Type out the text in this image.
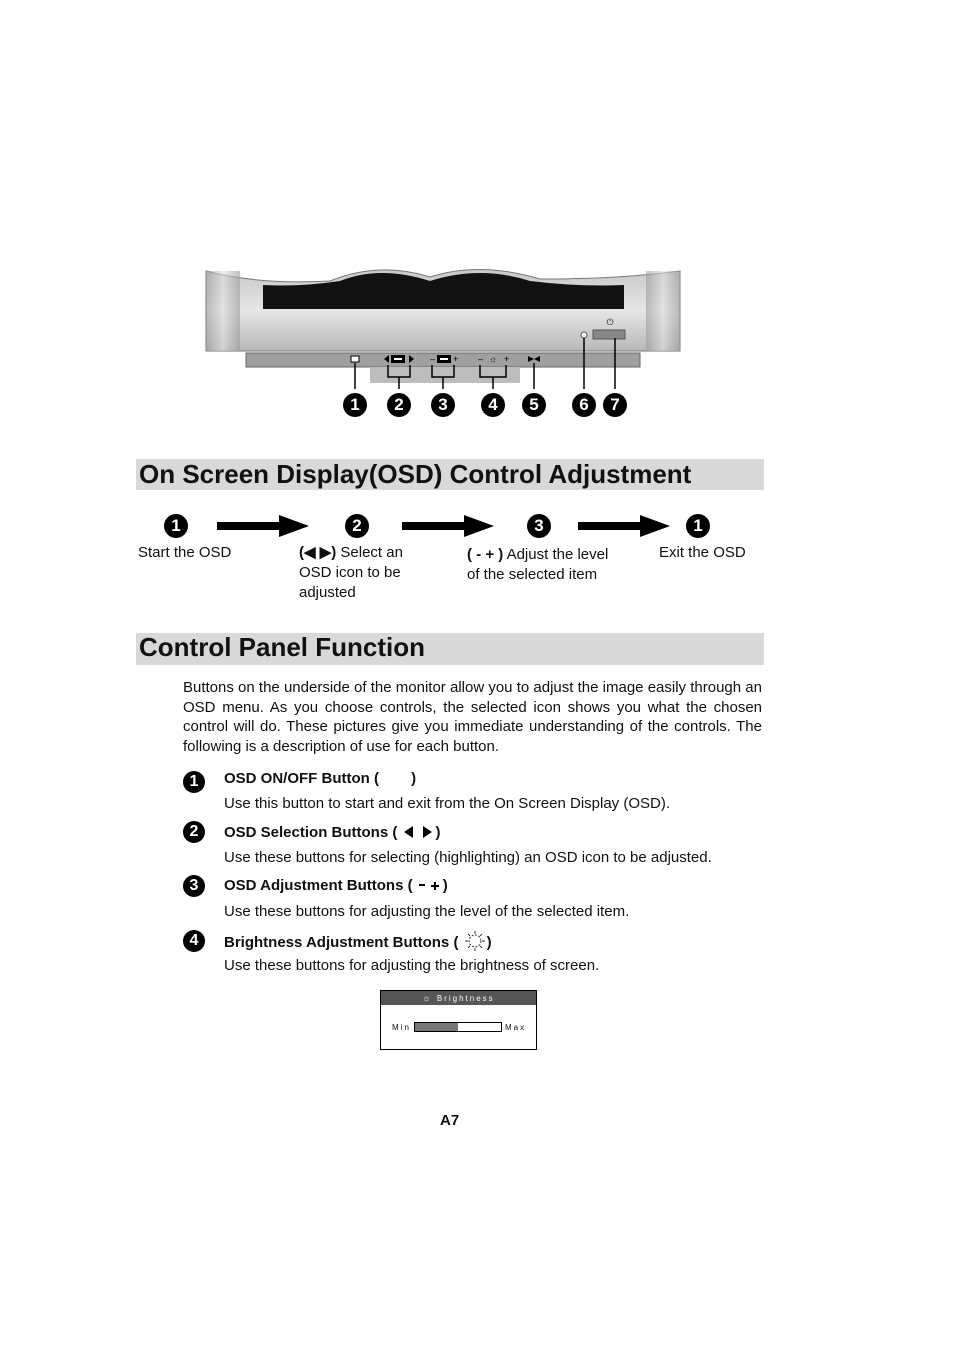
⏻
– + – ☼ +
1	2	3	4	5	6	7
On Screen Display(OSD) Control Adjustment
1	2	3	1
Start the OSD	(◀ ▶) Select an OSD icon to be adjusted
( - + ) Adjust the level of the selected item
Exit the OSD
Control Panel Function
Buttons on the underside of the monitor allow you to adjust the image easily through an OSD menu. As you choose controls, the selected icon shows you what the chosen control will do. These pictures give you immediate understanding of the controls. The following is a description of use for each button.
1	OSD ON/OFF Button ( )
Use this button to start and exit from the On Screen Display (OSD).
2	OSD Selection Buttons (	)
Use these buttons for selecting (highlighting) an OSD icon to be adjusted.
3	OSD Adjustment Buttons ( )
Use these buttons for adjusting the level of the selected item.
4	Brightness Adjustment Buttons ( )
Use these buttons for adjusting the brightness of screen.
☼ Brightness
Min	Max
A7
